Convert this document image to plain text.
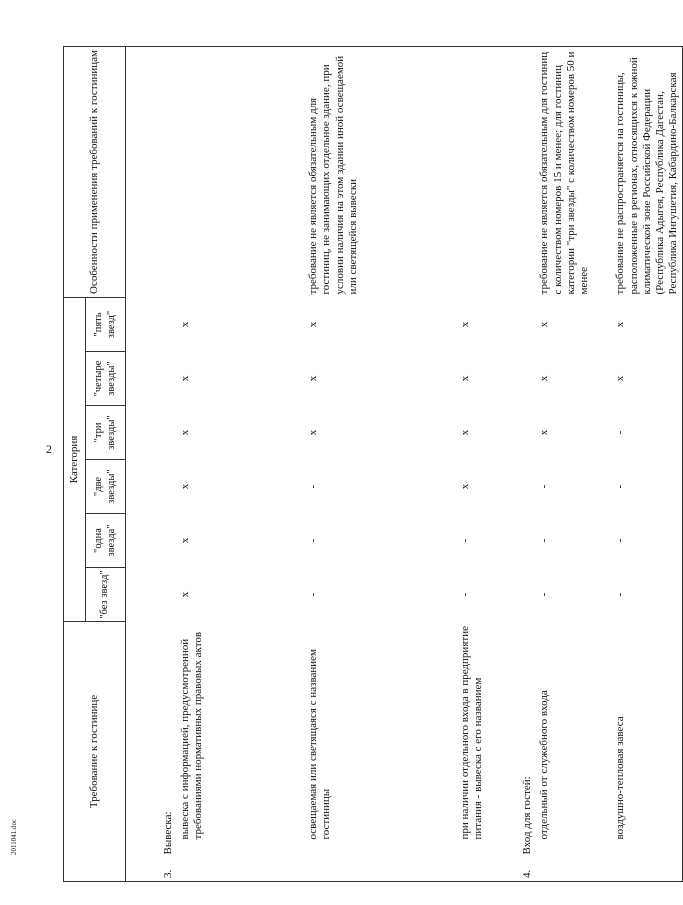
2
2011041.doc
Требование к гостинице		Категория						Особенности применения требований к гостиницам
		"без звезд"	"одна звезда"	"две звезды"	"три звезды"	"четыре звезды"	"пять звезд"	

3.	Вывеска:							
	вывеска с информацией, предусмотренной требованиями нормативных правовых актов	х	х	х	х	х	х	
	освещаемая или светящаяся с названием гостиницы	-	-	-	х	х	х	требование не является обязательным для гостиниц, не занимающих отдельное здание, при условии наличия на этом здании иной освещаемой или светящейся вывески
	при наличии отдельного входа в предприятие питания - вывеска с его названием	-	-	х	х	х	х	
4.	Вход для гостей:							
	отдельный от служебного входа	-	-	-	х	х	х	требование не является обязательным для гостиниц с количеством номеров 15 и менее; для гостиниц категории "три звезды" с количеством номеров 50 и менее
	воздушно-тепловая завеса	-	-	-	-	х	х	требование не распространяется на гостиницы, расположенные в регионах, относящихся к южной климатической зоне Российской Федерации (Республика Адыгея, Республика Дагестан, Республика Ингушетия, Кабардино-Балкарская
